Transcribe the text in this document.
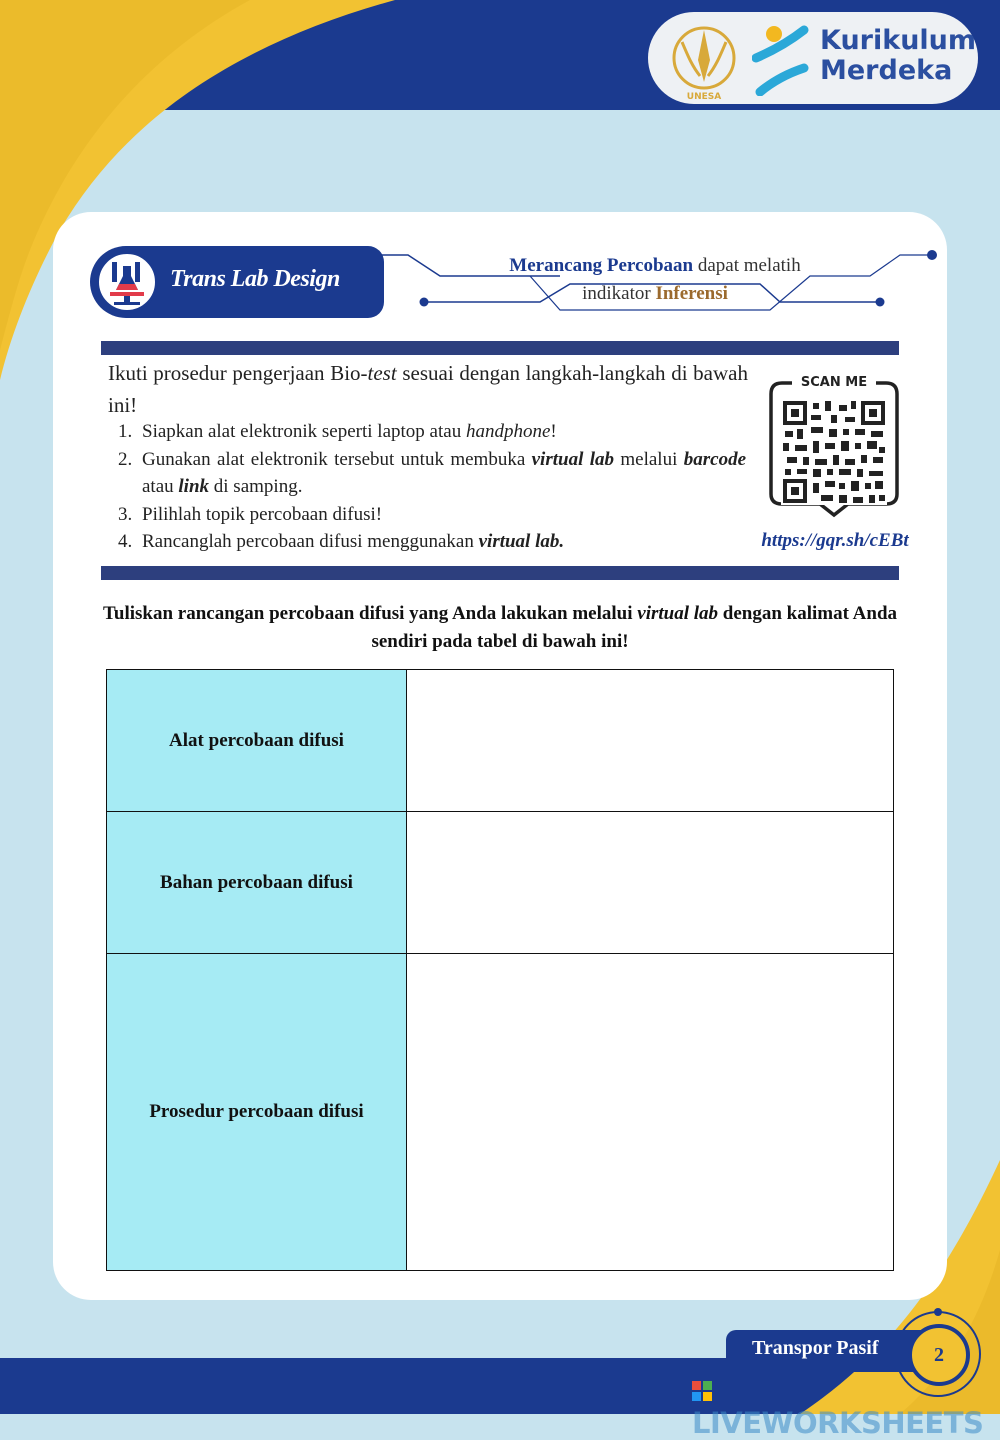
UNESA
Kurikulum
Merdeka
Trans Lab Design
Merancang Percobaan dapat melatih
indikator Inferensi
Ikuti prosedur pengerjaan Bio-test sesuai dengan langkah-langkah di bawah ini!
1. Siapkan alat elektronik seperti laptop atau handphone!
2. Gunakan alat elektronik tersebut untuk membuka virtual lab melalui barcode atau link di samping.
3. Pilihlah topik percobaan difusi!
4. Rancanglah percobaan difusi menggunakan virtual lab.
SCAN ME
https://gqr.sh/cEBt
Tuliskan rancangan percobaan difusi yang Anda lakukan melalui virtual lab dengan kalimat Anda sendiri pada tabel di bawah ini!
Alat percobaan difusi	
Bahan percobaan difusi	
Prosedur percobaan difusi	
Transpor Pasif	2
LIVEWORKSHEETS
